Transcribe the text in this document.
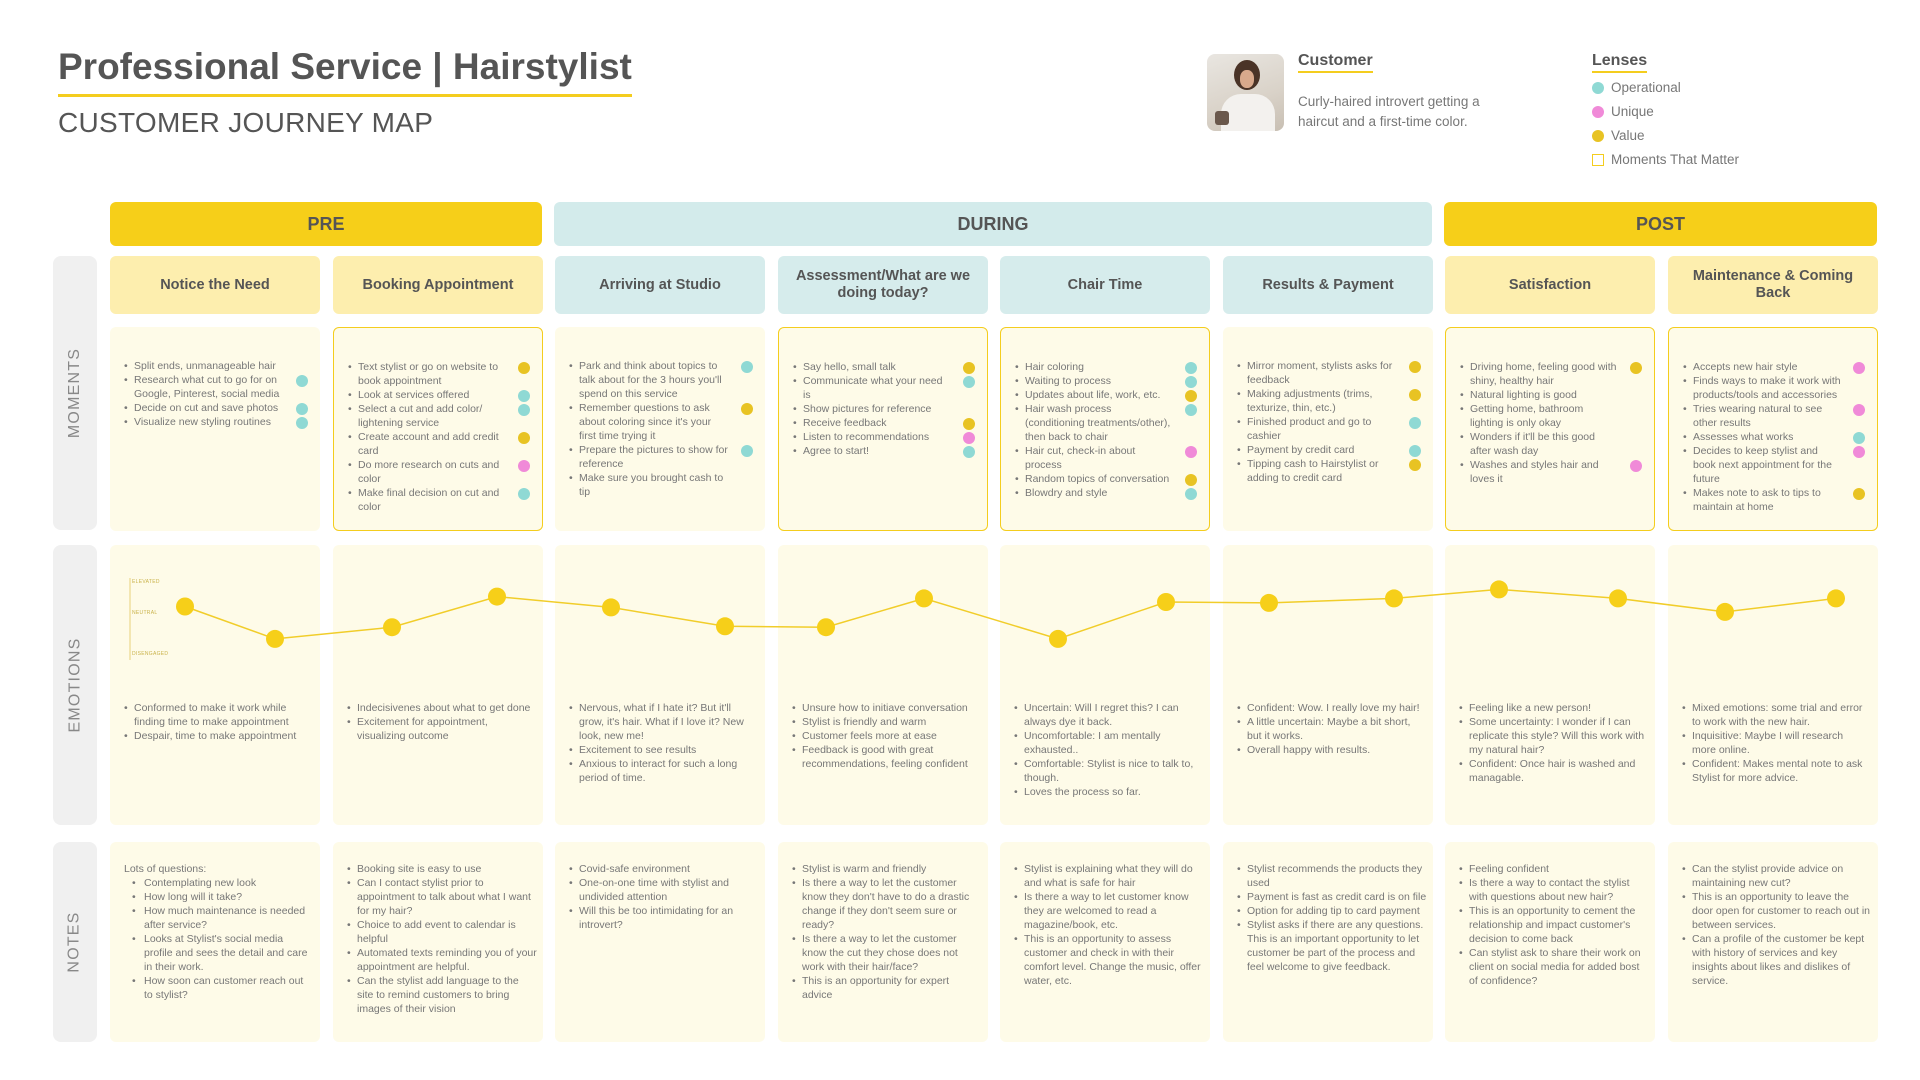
Professional Service | Hairstylist
CUSTOMER JOURNEY MAP
Customer
Curly-haired introvert getting a haircut and a first-time color.
Lenses
Operational
Unique
Value
Moments That Matter
PRE	DURING	POST
MOMENTS
EMOTIONS
NOTES
Notice the Need
• Split ends, unmanageable hair
• Research what cut to go for on Google, Pinterest, social media
• Decide on cut and save photos
• Visualize new styling routines
• Conformed to make it work while finding time to make appointment
• Despair, time to make appointment
Lots of questions:
• Contemplating new look
• How long will it take?
• How much maintenance is needed after service?
• Looks at Stylist's social media profile and sees the detail and care in their work.
• How soon can customer reach out to stylist?
Booking Appointment
• Text stylist or go on website to book appointment
• Look at services offered
• Select a cut and add color/ lightening service
• Create account and add credit card
• Do more research on cuts and color
• Make final decision on cut and color
• Indecisivenes about what to get done
• Excitement for appointment, visualizing outcome
• Booking site is easy to use
• Can I contact stylist prior to appointment to talk about what I want for my hair?
• Choice to add event to calendar is helpful
• Automated texts reminding you of your appointment are helpful.
• Can the stylist add language to the site to remind customers to bring images of their vision
Arriving at Studio
• Park and think about topics to talk about for the 3 hours you'll spend on this service
• Remember questions to ask about coloring since it's your first time trying it
• Prepare the pictures to show for reference
• Make sure you brought cash to tip
• Nervous, what if I hate it? But it'll grow, it's hair. What if I love it? New look, new me!
• Excitement to see results
• Anxious to interact for such a long period of time.
• Covid-safe environment
• One-on-one time with stylist and undivided attention
• Will this be too intimidating for an introvert?
Assessment/What are we doing today?
• Say hello, small talk
• Communicate what your need is
• Show pictures for reference
• Receive feedback
• Listen to recommendations
• Agree to start!
• Unsure how to initiave conversation
• Stylist is friendly and warm
• Customer feels more at ease
• Feedback is good with great recommendations, feeling confident
• Stylist is warm and friendly
• Is there a way to let the customer know they don't have to do a drastic change if they don't seem sure or ready?
• Is there a way to let the customer know the cut they chose does not work with their hair/face?
• This is an opportunity for expert advice
Chair Time
• Hair coloring
• Waiting to process
• Updates about life, work, etc.
• Hair wash process (conditioning treatments/other), then back to chair
• Hair cut, check-in about process
• Random topics of conversation
• Blowdry and style
• Uncertain: Will I regret this? I can always dye it back.
• Uncomfortable: I am mentally exhausted..
• Comfortable: Stylist is nice to talk to, though.
• Loves the process so far.
• Stylist is explaining what they will do and what is safe for hair
• Is there a way to let customer know they are welcomed to read a magazine/book, etc.
• This is an opportunity to assess customer and check in with their comfort level. Change the music, offer water, etc.
Results & Payment
• Mirror moment, stylists asks for feedback
• Making adjustments (trims, texturize, thin, etc.)
• Finished product and go to cashier
• Payment by credit card
• Tipping cash to Hairstylist or adding to credit card
• Confident: Wow. I really love my hair!
• A little uncertain: Maybe a bit short, but it works.
• Overall happy with results.
• Stylist recommends the products they used
• Payment is fast as credit card is on file
• Option for adding tip to card payment
• Stylist asks if there are any questions. This is an important opportunity to let customer be part of the process and feel welcome to give feedback.
Satisfaction
• Driving home, feeling good with shiny, healthy hair
• Natural lighting is good
• Getting home, bathroom lighting is only okay
• Wonders if it'll be this good after wash day
• Washes and styles hair and loves it
• Feeling like a new person!
• Some uncertainty: I wonder if I can replicate this style? Will this work with my natural hair?
• Confident: Once hair is washed and managable.
• Feeling confident
• Is there a way to contact the stylist with questions about new hair?
• This is an opportunity to cement the relationship and impact customer's decision to come back
• Can stylist ask to share their work on client on social media for added bost of confidence?
Maintenance & Coming Back
• Accepts new hair style
• Finds ways to make it work with products/tools and accessories
• Tries wearing natural to see other results
• Assesses what works
• Decides to keep stylist and book next appointment for the future
• Makes note to ask to tips to maintain at home
• Mixed emotions: some trial and error to work with the new hair.
• Inquisitive: Maybe I will research more online.
• Confident: Makes mental note to ask Stylist for more advice.
• Can the stylist provide advice on maintaining new cut?
• This is an opportunity to leave the door open for customer to reach out in between services.
• Can a profile of the customer be kept with history of services and key insights about likes and dislikes of service.
ELEVATED
NEUTRAL
DISENGAGED
